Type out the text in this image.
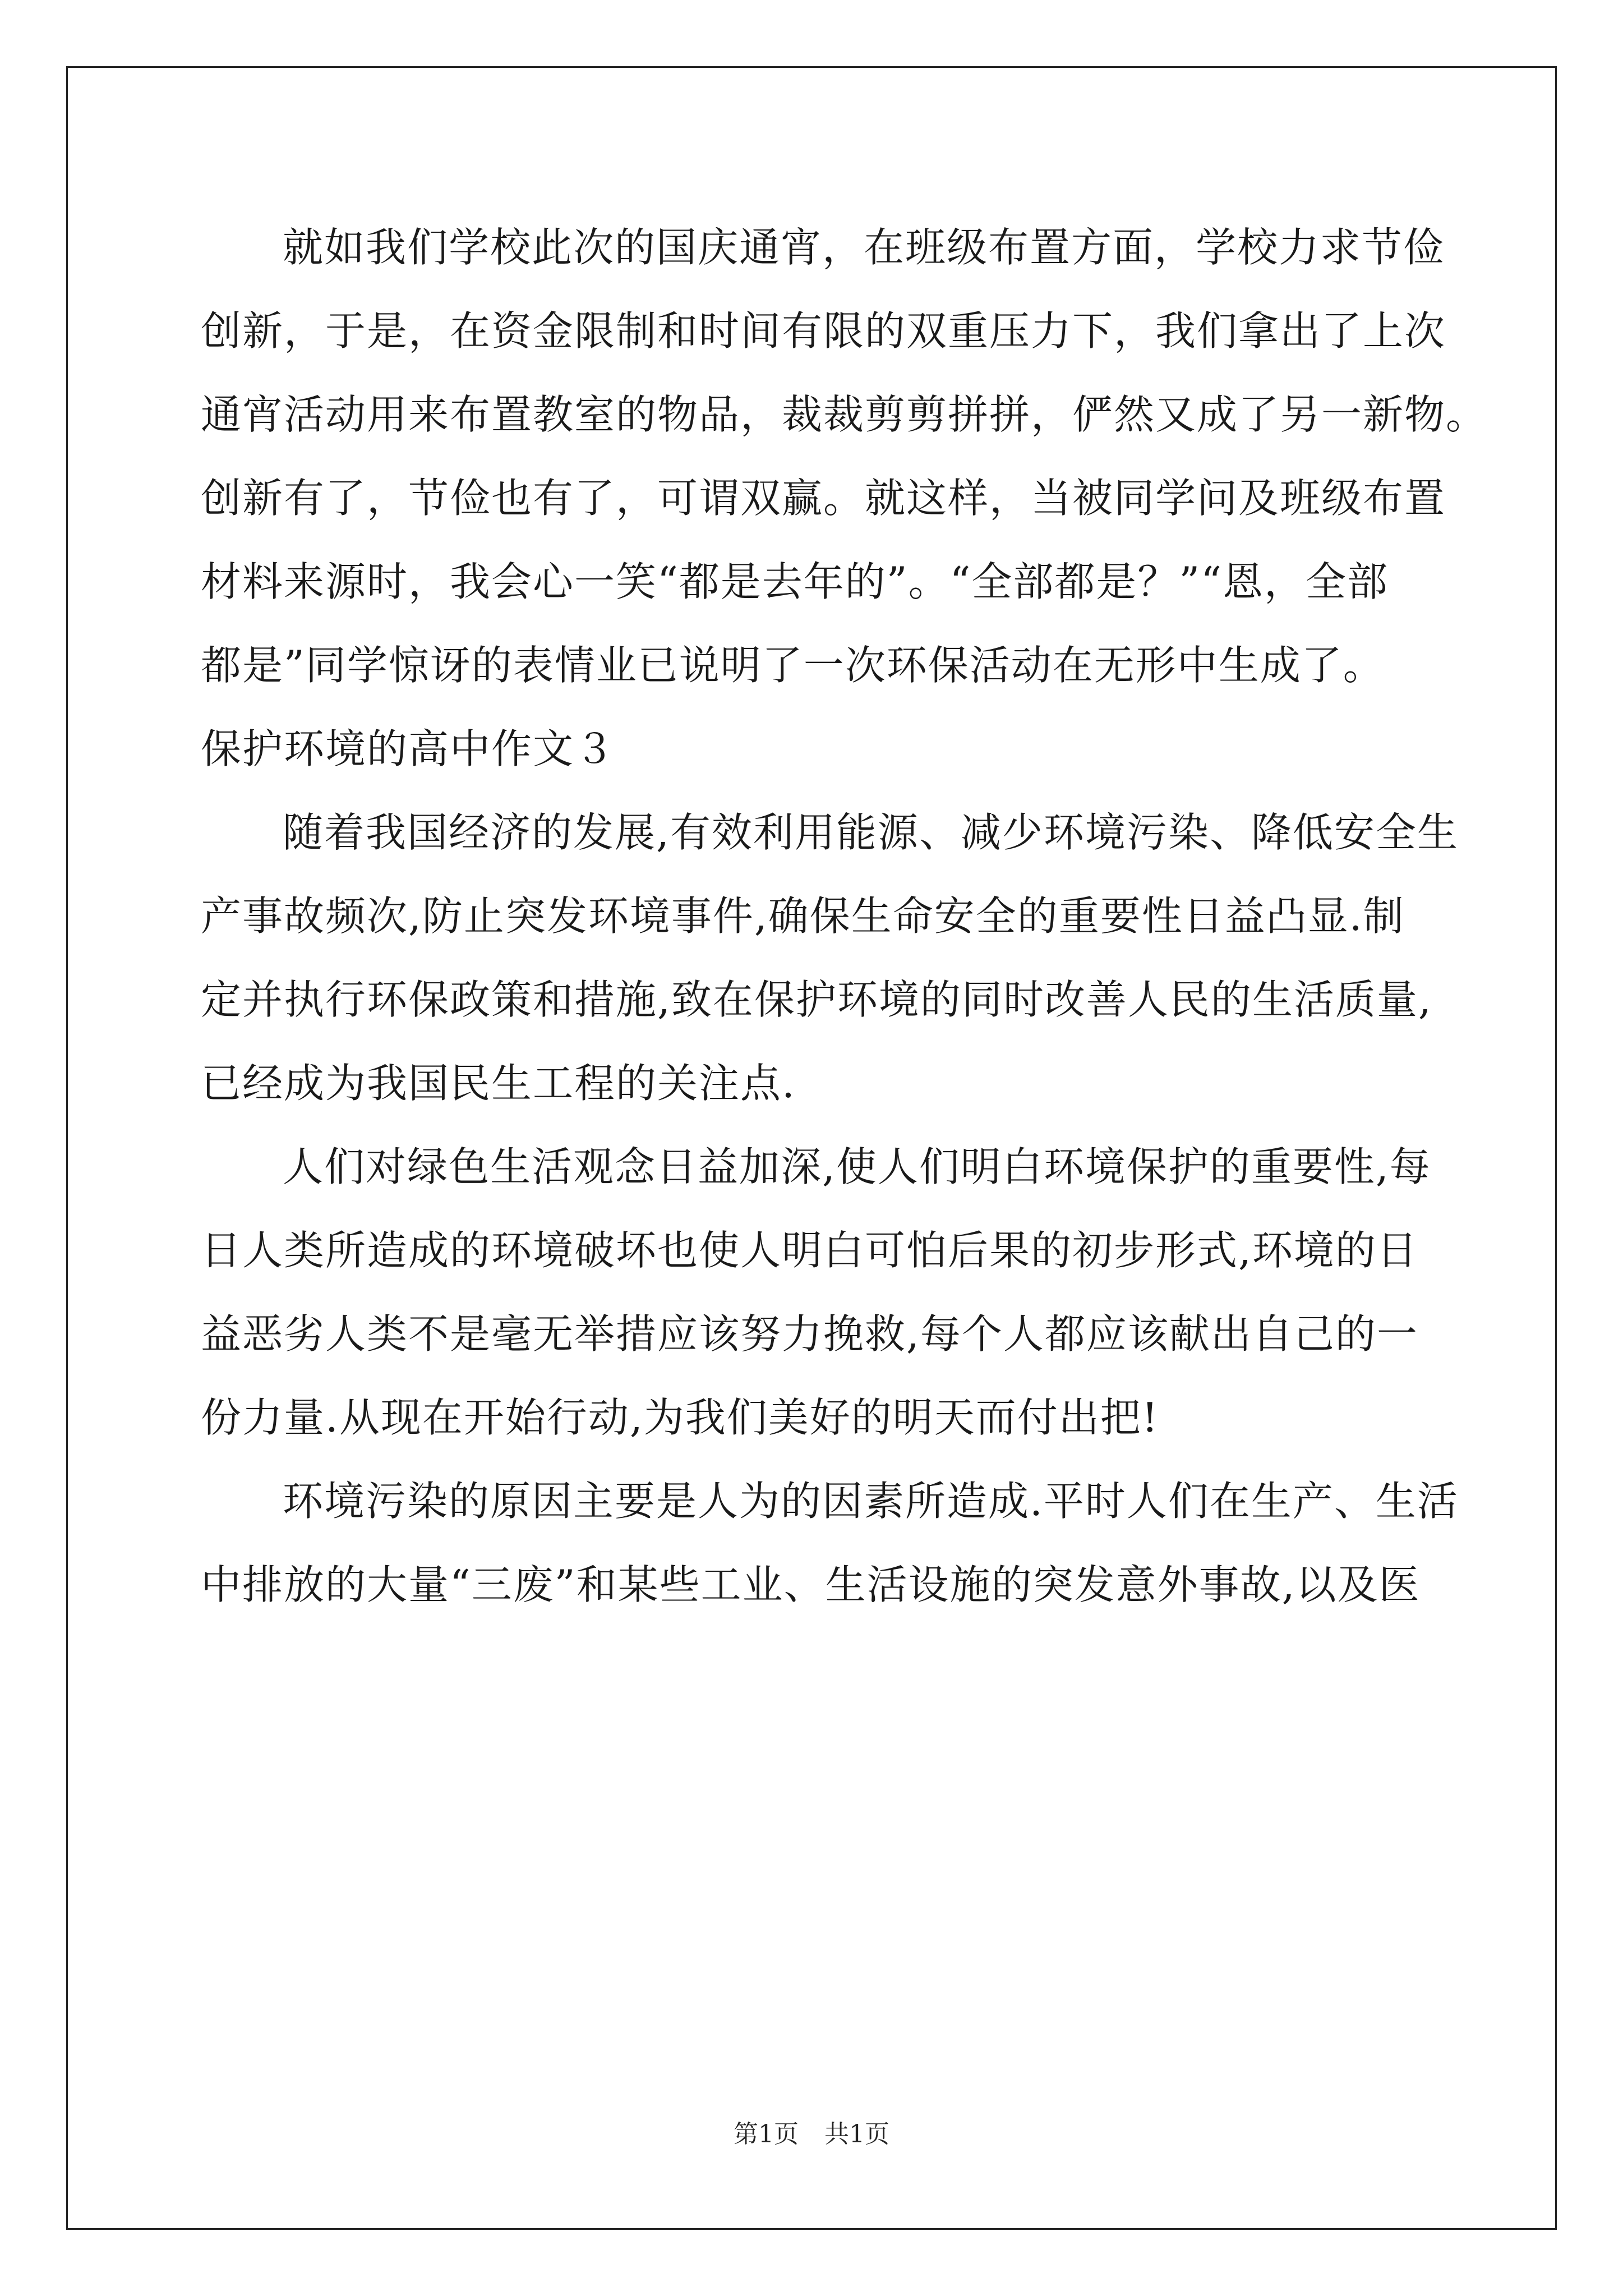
就如我们学校此次的国庆通宵，在班级布置方面，学校力求节俭
创新，于是，在资金限制和时间有限的双重压力下，我们拿出了上次
通宵活动用来布置教室的物品，裁裁剪剪拼拼，俨然又成了另一新物。
创新有了，节俭也有了，可谓双赢。就这样，当被同学问及班级布置
材料来源时，我会心一笑“都是去年的”。“全部都是？”“恩，全部
都是”同学惊讶的表情业已说明了一次环保活动在无形中生成了。
保护环境的高中作文３
随着我国经济的发展,有效利用能源、减少环境污染、降低安全生
产事故频次,防止突发环境事件,确保生命安全的重要性日益凸显.制
定并执行环保政策和措施,致在保护环境的同时改善人民的生活质量,
已经成为我国民生工程的关注点.
人们对绿色生活观念日益加深,使人们明白环境保护的重要性,每
日人类所造成的环境破坏也使人明白可怕后果的初步形式,环境的日
益恶劣人类不是毫无举措应该努力挽救,每个人都应该献出自己的一
份力量.从现在开始行动,为我们美好的明天而付出把!
环境污染的原因主要是人为的因素所造成.平时人们在生产、生活
中排放的大量“三废”和某些工业、生活设施的突发意外事故,以及医
第1页 共1页
